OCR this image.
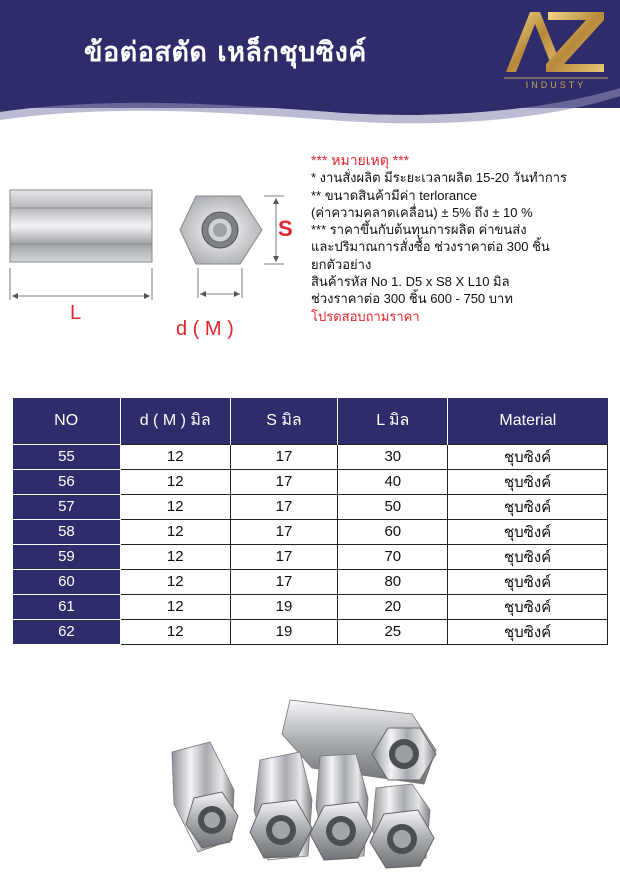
ข้อต่อสตัด เหล็กชุบซิงค์
INDUSTY
L
d ( M )
S
*** หมายเหตุ ***
* งานสั่งผลิต มีระยะเวลาผลิต 15-20 วันทำการ
** ขนาดสินค้ามีค่า terlorance
(ค่าความคลาดเคลื่อน) ± 5% ถึง ± 10 %
*** ราคาขึ้นกับต้นทุนการผลิต ค่าขนส่ง
และปริมาณการสั่งซื้อ ช่วงราคาต่อ 300 ชิ้น
ยกตัวอย่าง
สินค้ารหัส No 1. D5 x S8 X L10 มิล
ช่วงราคาต่อ 300 ชิ้น 600 - 750 บาท
โปรดสอบถามราคา
NO	d ( M ) มิล	S มิล	L มิล	Material
55	12	17	30	ชุบซิงค์
56	12	17	40	ชุบซิงค์
57	12	17	50	ชุบซิงค์
58	12	17	60	ชุบซิงค์
59	12	17	70	ชุบซิงค์
60	12	17	80	ชุบซิงค์
61	12	19	20	ชุบซิงค์
62	12	19	25	ชุบซิงค์
